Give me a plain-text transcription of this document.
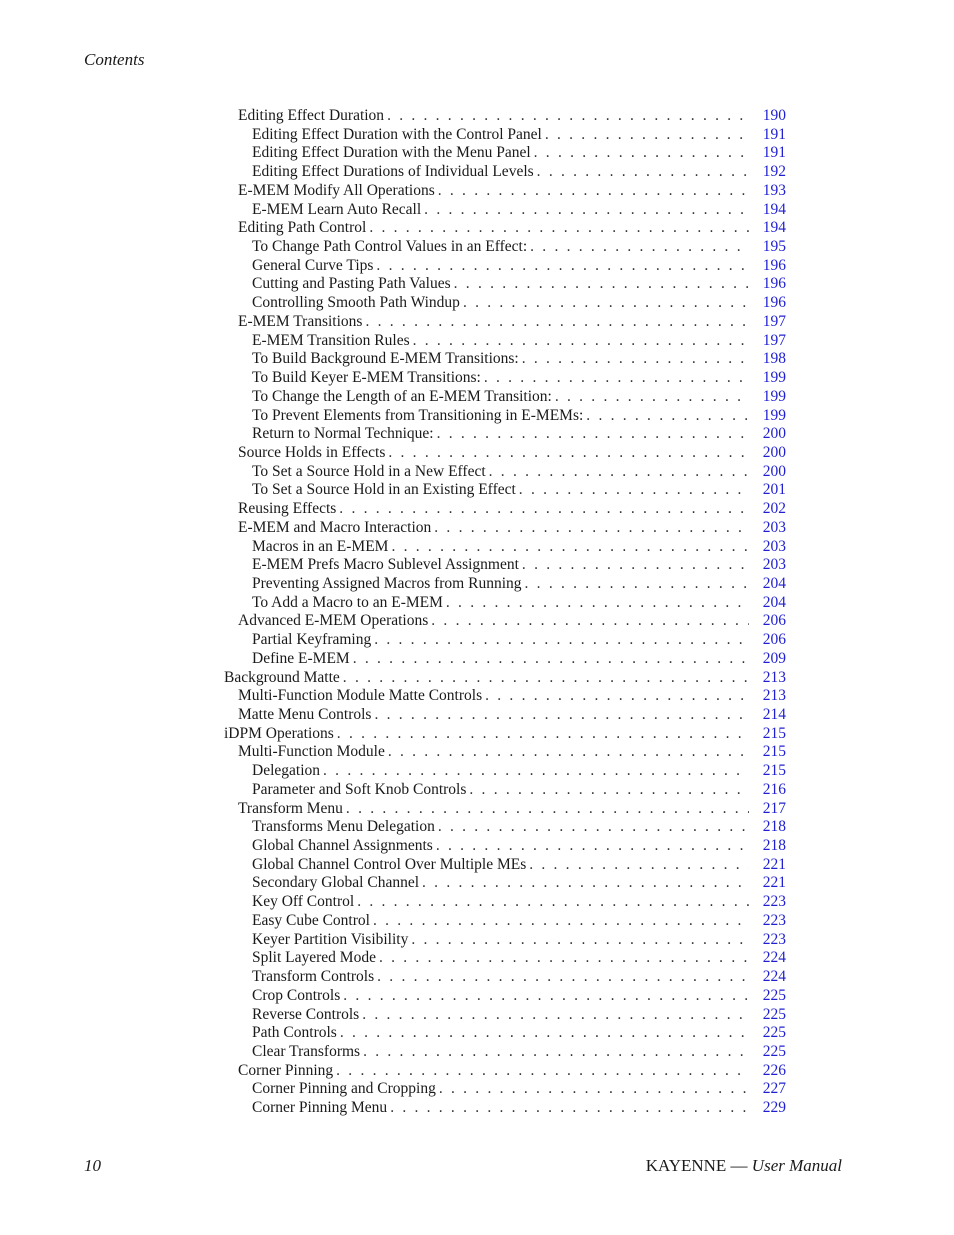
Contents
Editing Effect Duration . . .	190
Editing Effect Duration with the Control Panel . . .	191
Editing Effect Duration with the Menu Panel . . .	191
Editing Effect Durations of Individual Levels . . .	192
E-MEM Modify All Operations . . .	193
E-MEM Learn Auto Recall . . .	194
Editing Path Control . . .	194
To Change Path Control Values in an Effect: . . .	195
General Curve Tips . . .	196
Cutting and Pasting Path Values . . .	196
Controlling Smooth Path Windup . . .	196
E-MEM Transitions . . .	197
E-MEM Transition Rules . . .	197
To Build Background E-MEM Transitions: . . .	198
To Build Keyer E-MEM Transitions: . . .	199
To Change the Length of an E-MEM Transition: . . .	199
To Prevent Elements from Transitioning in E-MEMs: . . .	199
Return to Normal Technique: . . .	200
Source Holds in Effects . . .	200
To Set a Source Hold in a New Effect . . .	200
To Set a Source Hold in an Existing Effect . . .	201
Reusing Effects . . .	202
E-MEM and Macro Interaction . . .	203
Macros in an E-MEM . . .	203
E-MEM Prefs Macro Sublevel Assignment . . .	203
Preventing Assigned Macros from Running . . .	204
To Add a Macro to an E-MEM . . .	204
Advanced E-MEM Operations . . .	206
Partial Keyframing . . .	206
Define E-MEM . . .	209
Background Matte . . .	213
Multi-Function Module Matte Controls . . .	213
Matte Menu Controls . . .	214
iDPM Operations . . .	215
Multi-Function Module . . .	215
Delegation . . .	215
Parameter and Soft Knob Controls . . .	216
Transform Menu . . .	217
Transforms Menu Delegation . . .	218
Global Channel Assignments . . .	218
Global Channel Control Over Multiple MEs . . .	221
Secondary Global Channel . . .	221
Key Off Control . . .	223
Easy Cube Control . . .	223
Keyer Partition Visibility . . .	223
Split Layered Mode . . .	224
Transform Controls . . .	224
Crop Controls . . .	225
Reverse Controls . . .	225
Path Controls . . .	225
Clear Transforms . . .	225
Corner Pinning . . .	226
Corner Pinning and Cropping . . .	227
Corner Pinning Menu . . .	229
10	KAYENNE — User Manual
